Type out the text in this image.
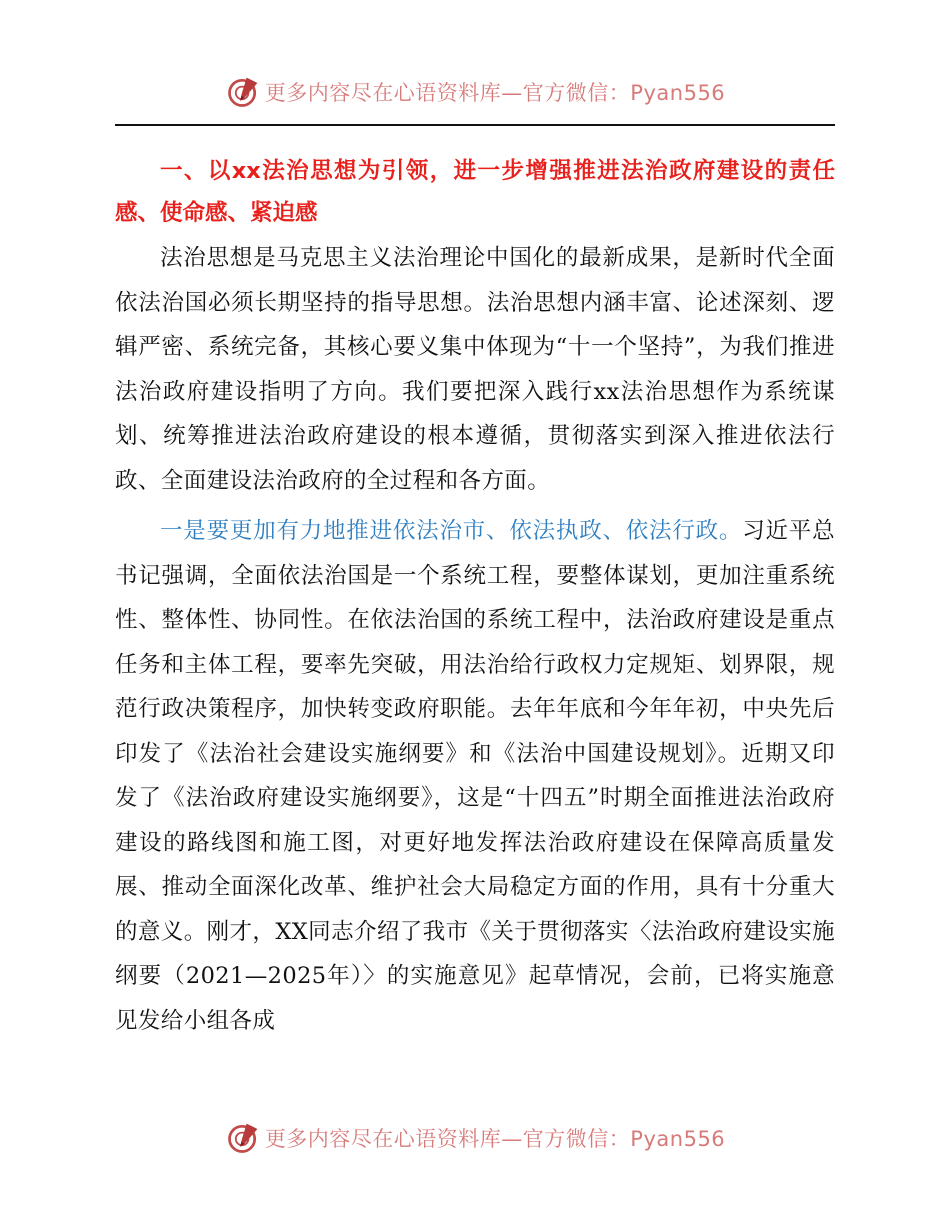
更多内容尽在心语资料库—官方微信：Pyan556

一、以xx法治思想为引领，进一步增强推进法治政府建设的责任感、使命感、紧迫感

法治思想是马克思主义法治理论中国化的最新成果，是新时代全面依法治国必须长期坚持的指导思想。法治思想内涵丰富、论述深刻、逻辑严密、系统完备，其核心要义集中体现为“十一个坚持”，为我们推进法治政府建设指明了方向。我们要把深入践行xx法治思想作为系统谋划、统筹推进法治政府建设的根本遵循，贯彻落实到深入推进依法行政、全面建设法治政府的全过程和各方面。

一是要更加有力地推进依法治市、依法执政、依法行政。习近平总书记强调，全面依法治国是一个系统工程，要整体谋划，更加注重系统性、整体性、协同性。在依法治国的系统工程中，法治政府建设是重点任务和主体工程，要率先突破，用法治给行政权力定规矩、划界限，规范行政决策程序，加快转变政府职能。去年年底和今年年初，中央先后印发了《法治社会建设实施纲要》和《法治中国建设规划》。近期又印发了《法治政府建设实施纲要》，这是“十四五”时期全面推进法治政府建设的路线图和施工图，对更好地发挥法治政府建设在保障高质量发展、推动全面深化改革、维护社会大局稳定方面的作用，具有十分重大的意义。刚才，XX同志介绍了我市《关于贯彻落实〈法治政府建设实施纲要（2021—2025年）〉的实施意见》起草情况，会前，已将实施意见发给小组各成

更多内容尽在心语资料库—官方微信：Pyan556
